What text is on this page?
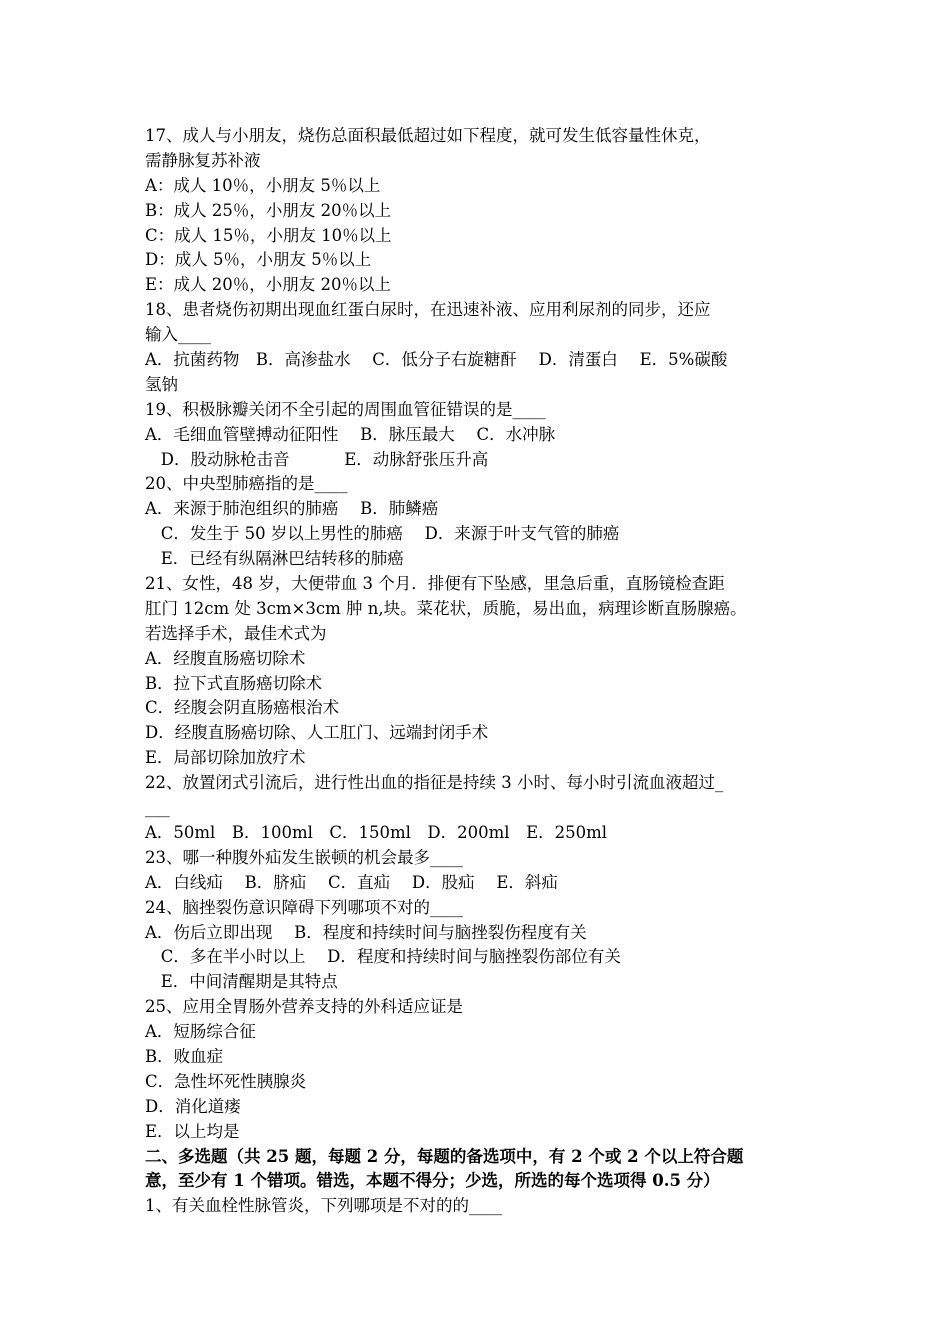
17、成人与小朋友，烧伤总面积最低超过如下程度，就可发生低容量性休克，
需静脉复苏补液
A：成人 10％，小朋友 5％以上
B：成人 25％，小朋友 20％以上
C：成人 15％，小朋友 10％以上
D：成人 5％，小朋友 5％以上
E：成人 20％，小朋友 20％以上
18、患者烧伤初期出现血红蛋白尿时，在迅速补液、应用利尿剂的同步，还应
输入____
A．抗菌药物　B．高渗盐水　 C．低分子右旋糖酐　 D．清蛋白　 E．5%碳酸
氢钠
19、积极脉瓣关闭不全引起的周围血管征错误的是____
A．毛细血管壁搏动征阳性　 B．脉压最大　 C．水冲脉
D．股动脉枪击音　　　 E．动脉舒张压升高
20、中央型肺癌指的是____
A．来源于肺泡组织的肺癌　 B．肺鳞癌
C．发生于 50 岁以上男性的肺癌　 D．来源于叶支气管的肺癌
E．已经有纵隔淋巴结转移的肺癌
21、女性，48 岁，大便带血 3 个月．排便有下坠感，里急后重，直肠镜检查距
肛门 12cm 处 3cm×3cm 肿 n,块。菜花状，质脆，易出血，病理诊断直肠腺癌。
若选择手术，最佳术式为
A．经腹直肠癌切除术
B．拉下式直肠癌切除术
C．经腹会阴直肠癌根治术
D．经腹直肠癌切除、人工肛门、远端封闭手术
E．局部切除加放疗术
22、放置闭式引流后，进行性出血的指征是持续 3 小时、每小时引流血液超过_
___
A．50ml　B．100ml　C．150ml　D．200ml　E．250ml
23、哪一种腹外疝发生嵌顿的机会最多____
A．白线疝　 B．脐疝　 C．直疝　 D．股疝　 E．斜疝
24、脑挫裂伤意识障碍下列哪项不对的____
A．伤后立即出现　 B．程度和持续时间与脑挫裂伤程度有关
C．多在半小时以上　 D．程度和持续时间与脑挫裂伤部位有关
E．中间清醒期是其特点
25、应用全胃肠外营养支持的外科适应证是
A．短肠综合征
B．败血症
C．急性坏死性胰腺炎
D．消化道瘘
E．以上均是
二、多选题（共 25 题，每题 2 分，每题的备选项中，有 2 个或 2 个以上符合题
意，至少有 1 个错项。错选，本题不得分；少选，所选的每个选项得 0.5 分）
1、有关血栓性脉管炎，下列哪项是不对的的____
